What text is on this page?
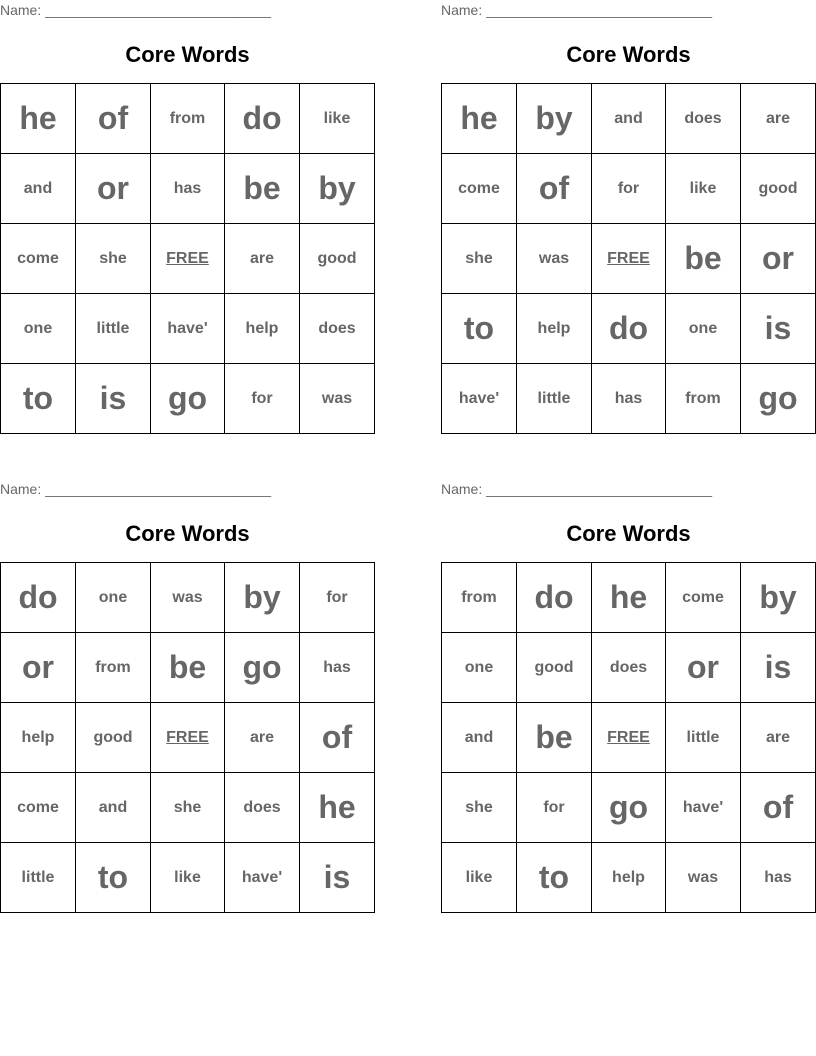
Name: _____________________________
Core Words
he	of	from	do	like
and	or	has	be	by
come	she	FREE	are	good
one	little	have'	help	does
to	is	go	for	was
Name: _____________________________
Core Words
he	by	and	does	are
come	of	for	like	good
she	was	FREE	be	or
to	help	do	one	is
have'	little	has	from	go
Name: _____________________________
Core Words
do	one	was	by	for
or	from	be	go	has
help	good	FREE	are	of
come	and	she	does	he
little	to	like	have'	is
Name: _____________________________
Core Words
from	do	he	come	by
one	good	does	or	is
and	be	FREE	little	are
she	for	go	have'	of
like	to	help	was	has
